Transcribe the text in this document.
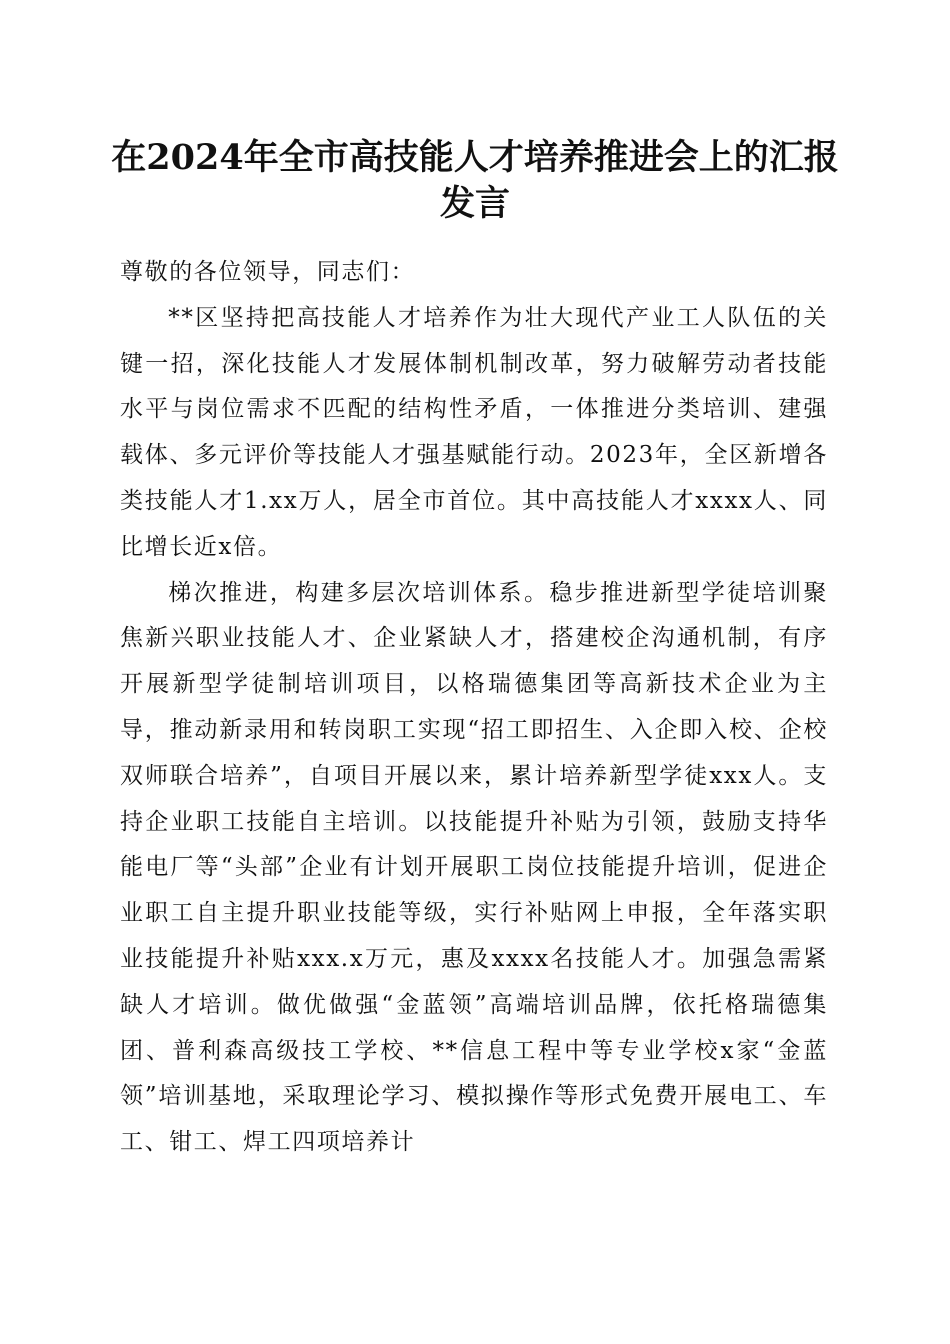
在2024年全市高技能人才培养推进会上的汇报发言

尊敬的各位领导，同志们：

**区坚持把高技能人才培养作为壮大现代产业工人队伍的关键一招，深化技能人才发展体制机制改革，努力破解劳动者技能水平与岗位需求不匹配的结构性矛盾，一体推进分类培训、建强载体、多元评价等技能人才强基赋能行动。2023年，全区新增各类技能人才1.xx万人，居全市首位。其中高技能人才xxxx人、同比增长近x倍。

梯次推进，构建多层次培训体系。稳步推进新型学徒培训聚焦新兴职业技能人才、企业紧缺人才，搭建校企沟通机制，有序开展新型学徒制培训项目，以格瑞德集团等高新技术企业为主导，推动新录用和转岗职工实现“招工即招生、入企即入校、企校双师联合培养”，自项目开展以来，累计培养新型学徒xxx人。支持企业职工技能自主培训。以技能提升补贴为引领，鼓励支持华能电厂等“头部”企业有计划开展职工岗位技能提升培训，促进企业职工自主提升职业技能等级，实行补贴网上申报，全年落实职业技能提升补贴xxx.x万元，惠及xxxx名技能人才。加强急需紧缺人才培训。做优做强“金蓝领”高端培训品牌，依托格瑞德集团、普利森高级技工学校、**信息工程中等专业学校x家“金蓝领”培训基地，采取理论学习、模拟操作等形式免费开展电工、车工、钳工、焊工四项培养计
